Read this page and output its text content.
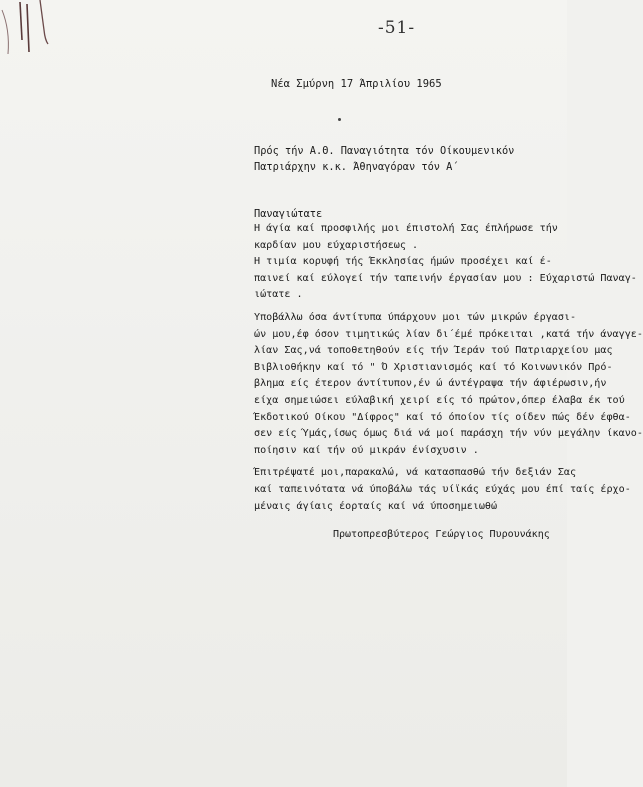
-51-
Νέα Σμύρνη 17 Άπριλίου 1965
Πρός τήν Α.Θ. Παναγιότητα τόν Οίκουμενικόν
Πατριάρχην κ.κ. Άθηναγόραν τόν Α΄
Παναγιώτατε
Η άγία καί προσφιλής μοι έπιστολή Σας έπλήρωσε τήν
καρδίαν μου εύχαριστήσεως .
Η τιμία κορυφή τής Έκκλησίας ήμών προσέχει καί έ-
παινεί καί εύλογεί τήν ταπεινήν έργασίαν μου : Εύχαριστώ Παναγ-
ιώτατε .
Υποβάλλω όσα άντίτυπα ύπάρχουν μοι τών μικρών έργασι-
ών μου,έφ όσον τιμητικώς λίαν δι΄έμέ πρόκειται ,κατά τήν άναγγε-
λίαν Σας,νά τοποθετηθούν είς τήν Ίεράν τού Πατριαρχείου μας
Βιβλιοθήκην καί τό " Ό Χριστιανισμός καί τό Κοινωνικόν Πρό-
βλημα είς έτερον άντίτυπον,έν ώ άντέγραψα τήν άφιέρωσιν,ήν
είχα σημειώσει εύλαβική χειρί είς τό πρώτον,όπερ έλαβα έκ τού
Έκδοτικού Οίκου "Δίφρος" καί τό όποίον τίς οίδεν πώς δέν έφθα-
σεν είς Ύμάς,ίσως όμως διά νά μοί παράσχη τήν νύν μεγάλην ίκανο-
ποίησιν καί τήν ού μικράν ένίσχυσιν .
Έπιτρέψατέ μοι,παρακαλώ, νά κατασπασθώ τήν δεξιάν Σας
καί ταπεινότατα νά ύποβάλω τάς υίϊκάς εύχάς μου έπί ταίς έρχο-
μέναις άγίαις έορταίς καί νά ύποσημειωθώ
Πρωτοπρεσβύτερος Γεώργιος Πυρουνάκης
